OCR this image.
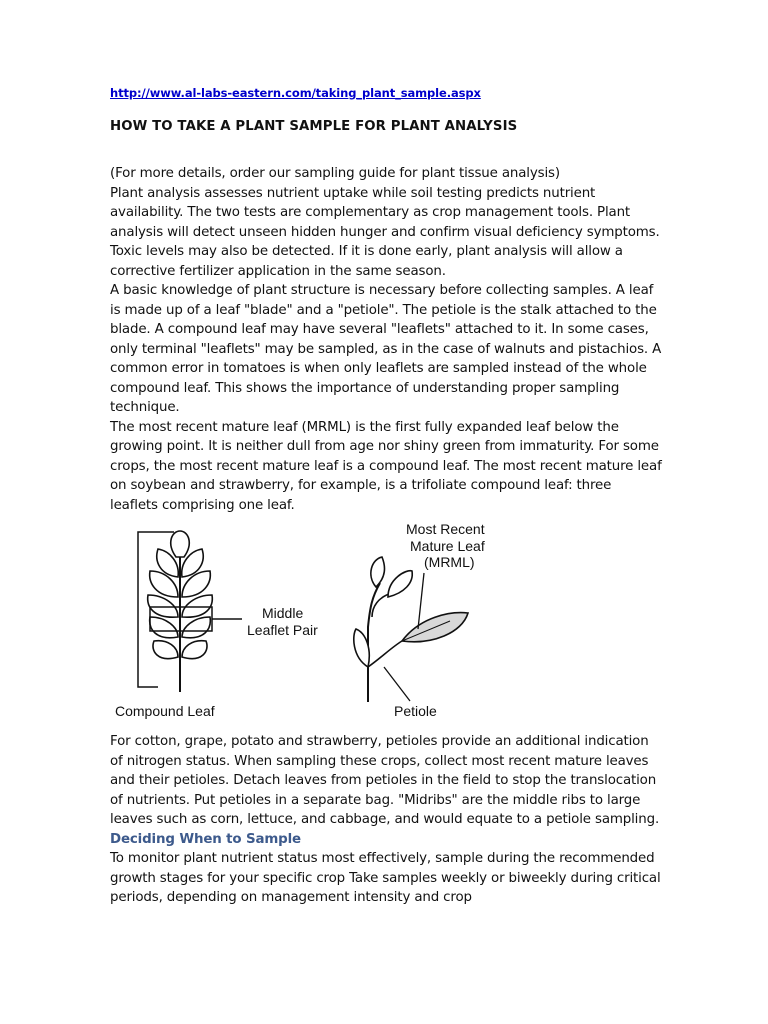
http://www.al-labs-eastern.com/taking_plant_sample.aspx
HOW TO TAKE A PLANT SAMPLE FOR PLANT ANALYSIS

(For more details, order our sampling guide for plant tissue analysis)

Plant analysis assesses nutrient uptake while soil testing predicts nutrient availability. The two tests are complementary as crop management tools. Plant analysis will detect unseen hidden hunger and confirm visual deficiency symptoms. Toxic levels may also be detected. If it is done early, plant analysis will allow a corrective fertilizer application in the same season.

A basic knowledge of plant structure is necessary before collecting samples. A leaf is made up of a leaf "blade" and a "petiole". The petiole is the stalk attached to the blade. A compound leaf may have several "leaflets" attached to it. In some cases, only terminal "leaflets" may be sampled, as in the case of walnuts and pistachios. A common error in tomatoes is when only leaflets are sampled instead of the whole compound leaf. This shows the importance of understanding proper sampling technique.

The most recent mature leaf (MRML) is the first fully expanded leaf below the growing point. It is neither dull from age nor shiny green from immaturity. For some crops, the most recent mature leaf is a compound leaf. The most recent mature leaf on soybean and strawberry, for example, is a trifoliate compound leaf: three leaflets comprising one leaf.

Middle
Leaflet Pair
Compound Leaf
Most Recent
Mature Leaf
(MRML)
Petiole

For cotton, grape, potato and strawberry, petioles provide an additional indication of nitrogen status. When sampling these crops, collect most recent mature leaves and their petioles. Detach leaves from petioles in the field to stop the translocation of nutrients. Put petioles in a separate bag. "Midribs" are the middle ribs to large leaves such as corn, lettuce, and cabbage, and would equate to a petiole sampling.

Deciding When to Sample

To monitor plant nutrient status most effectively, sample during the recommended growth stages for your specific crop Take samples weekly or biweekly during critical periods, depending on management intensity and crop
